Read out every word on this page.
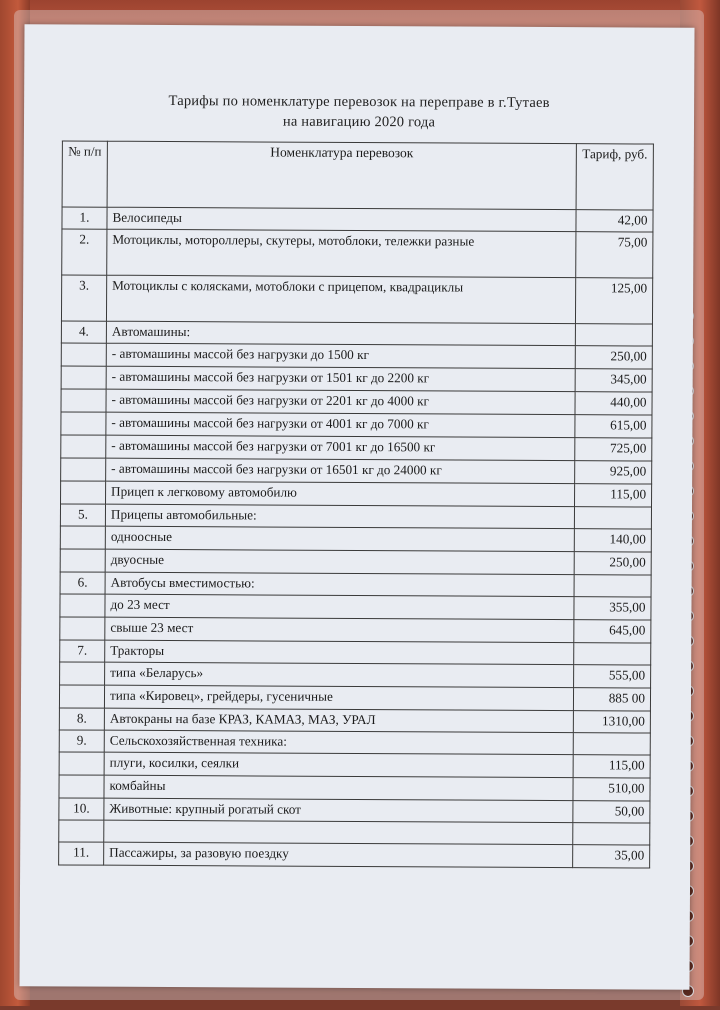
Тарифы по номенклатуре перевозок на переправе в г.Тутаев
на навигацию 2020 года
№ п/п	Номенклатура перевозок	Тариф, руб.
1.	Велосипеды	42,00
2.	Мотоциклы, мотороллеры, скутеры, мотоблоки, тележки разные	75,00
3.	Мотоциклы с колясками, мотоблоки с прицепом, квадрациклы	125,00
4.	Автомашины:	
	- автомашины массой без нагрузки до 1500 кг	250,00
	- автомашины массой без нагрузки от 1501 кг до 2200 кг	345,00
	- автомашины массой без нагрузки от 2201 кг до 4000 кг	440,00
	- автомашины массой без нагрузки от 4001 кг до 7000 кг	615,00
	- автомашины массой без нагрузки от 7001 кг до 16500 кг	725,00
	- автомашины массой без нагрузки от 16501 кг до 24000 кг	925,00
	Прицеп к легковому автомобилю	115,00
5.	Прицепы автомобильные:	
	одноосные	140,00
	двуосные	250,00
6.	Автобусы вместимостью:	
	до 23 мест	355,00
	свыше 23 мест	645,00
7.	Тракторы	
	типа «Беларусь»	555,00
	типа «Кировец», грейдеры, гусеничные	885 00
8.	Автокраны на базе КРАЗ, КАМАЗ, МАЗ, УРАЛ	1310,00
9.	Сельскохозяйственная техника:	
	плуги, косилки, сеялки	115,00
	комбайны	510,00
10.	Животные: крупный рогатый скот	50,00

11.	Пассажиры, за разовую поездку	35,00
